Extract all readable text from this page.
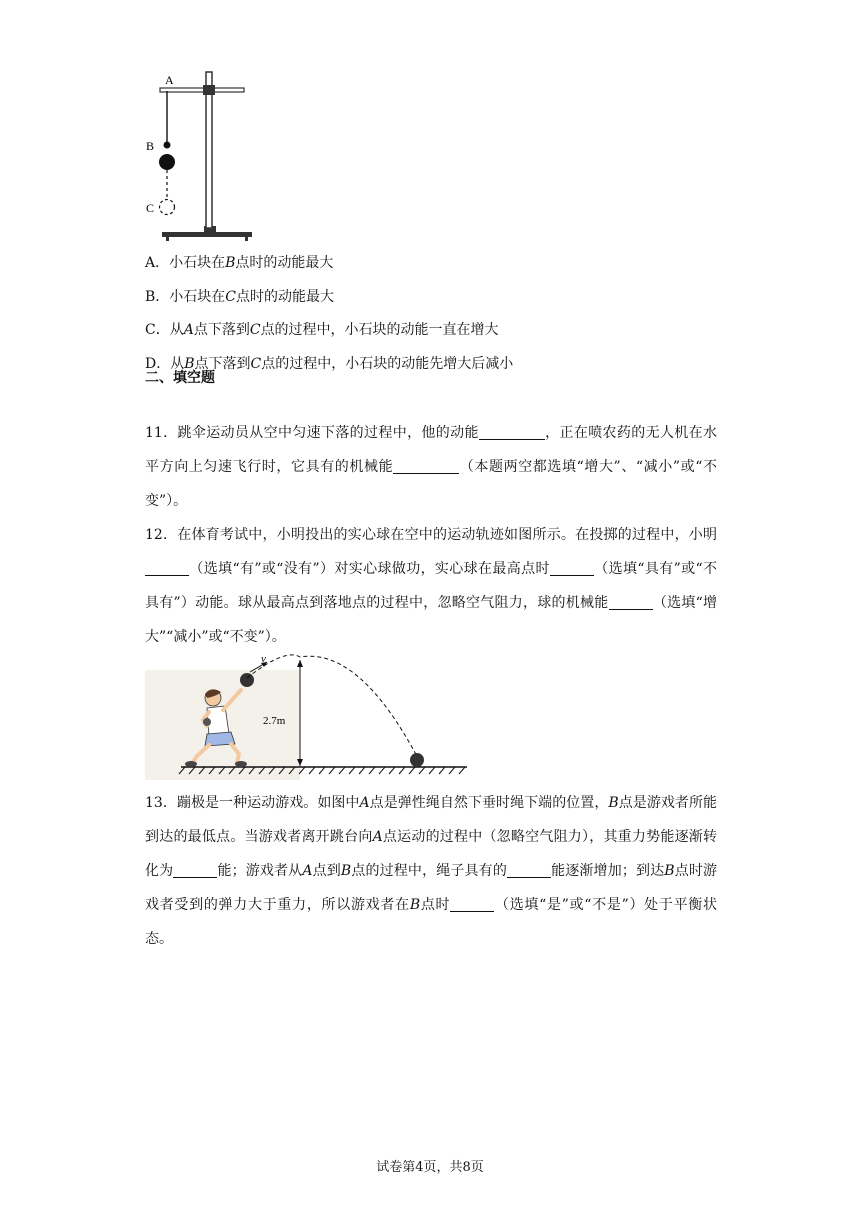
A
B
C
A．小石块在B点时的动能最大
B．小石块在C点时的动能最大
C．从A点下落到C点的过程中，小石块的动能一直在增大
D．从B点下落到C点的过程中，小石块的动能先增大后减小
二、填空题
11．跳伞运动员从空中匀速下落的过程中，他的动能	，正在喷农药的无人机在水平方向上匀速飞行时，它具有的机械能	（本题两空都选填“增大”、“减小”或“不变”）。
12．在体育考试中，小明投出的实心球在空中的运动轨迹如图所示。在投掷的过程中，小明（选填“有”或“没有”）对实心球做功，实心球在最高点时	（选填“具有”或“不具有”）动能。球从最高点到落地点的过程中，忽略空气阻力，球的机械能	（选填“增大”“减小”或“不变”）。
v
2.7m
13．蹦极是一种运动游戏。如图中A点是弹性绳自然下垂时绳下端的位置，B点是游戏者所能到达的最低点。当游戏者离开跳台向A点运动的过程中（忽略空气阻力），其重力势能逐渐转化为	能；游戏者从A点到B点的过程中，绳子具有的	能逐渐增加；到达B点时游戏者受到的弹力大于重力，所以游戏者在B点时	（选填“是”或“不是”）处于平衡状态。
试卷第4页，共8页
